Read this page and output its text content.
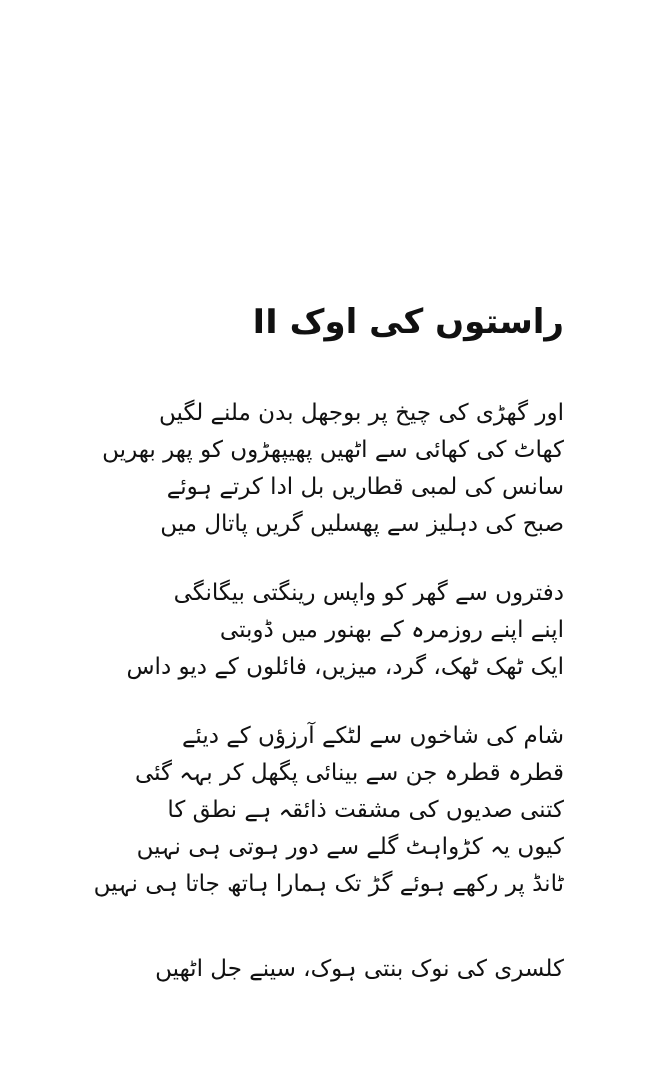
راستوں کی اوک II
اور گھڑی کی چیخ پر بوجھل بدن ملنے لگیں
کھاٹ کی کھائی سے اٹھیں پھیپھڑوں کو پھر بھریں
سانس کی لمبی قطاریں بل ادا کرتے ہوئے
صبح کی دہلیز سے پھسلیں گریں پاتال میں
دفتروں سے گھر کو واپس رینگتی بیگانگی
اپنے اپنے روزمرہ کے بھنور میں ڈوبتی
ایک ٹھک ٹھک، گرد، میزیں، فائلوں کے دیو داس
شام کی شاخوں سے لٹکے آرزؤں کے دیئے
قطرہ قطرہ جن سے بینائی پگھل کر بہہ گئی
کتنی صدیوں کی مشقت ذائقہ ہے نطق کا
کیوں یہ کڑواہٹ گلے سے دور ہوتی ہی نہیں
ٹانڈ پر رکھے ہوئے گڑ تک ہمارا ہاتھ جاتا ہی نہیں
کلسری کی نوک بنتی ہوک، سینے جل اٹھیں
